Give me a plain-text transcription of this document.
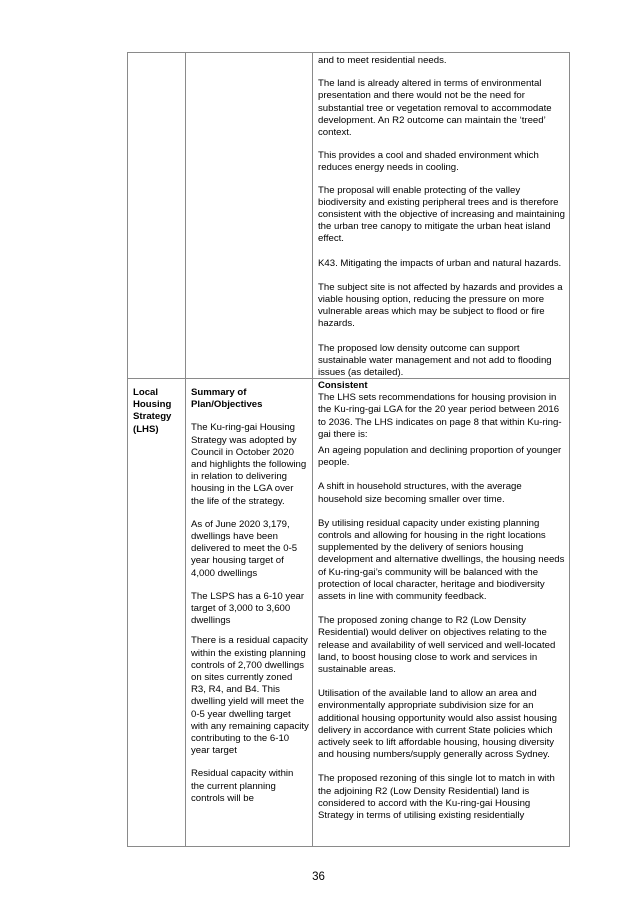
and to meet residential needs.

The land is already altered in terms of environmental presentation and there would not be the need for substantial tree or vegetation removal to accommodate development. An R2 outcome can maintain the ‘treed’ context.

This provides a cool and shaded environment which reduces energy needs in cooling.

The proposal will enable protecting of the valley biodiversity and existing peripheral trees and is therefore consistent with the objective of increasing and maintaining the urban tree canopy to mitigate the urban heat island effect.

K43. Mitigating the impacts of urban and natural hazards.

The subject site is not affected by hazards and provides a viable housing option, reducing the pressure on more vulnerable areas which may be subject to flood or fire hazards.

The proposed low density outcome can support sustainable water management and not add to flooding issues (as detailed).

Local Housing Strategy (LHS)

Summary of Plan/Objectives

The Ku-ring-gai Housing Strategy was adopted by Council in October 2020 and highlights the following in relation to delivering housing in the LGA over the life of the strategy.

As of June 2020 3,179, dwellings have been delivered to meet the 0-5 year housing target of 4,000 dwellings

The LSPS has a 6-10 year target of 3,000 to 3,600 dwellings

There is a residual capacity within the existing planning controls of 2,700 dwellings on sites currently zoned R3, R4, and B4. This dwelling yield will meet the 0-5 year dwelling target with any remaining capacity contributing to the 6-10 year target

Residual capacity within the current planning controls will be

Consistent

The LHS sets recommendations for housing provision in the Ku-ring-gai LGA for the 20 year period between 2016 to 2036. The LHS indicates on page 8 that within Ku-ring-gai there is:

An ageing population and declining proportion of younger people.

A shift in household structures, with the average household size becoming smaller over time.

By utilising residual capacity under existing planning controls and allowing for housing in the right locations supplemented by the delivery of seniors housing development and alternative dwellings, the housing needs of Ku-ring-gai’s community will be balanced with the protection of local character, heritage and biodiversity assets in line with community feedback.

The proposed zoning change to R2 (Low Density Residential) would deliver on objectives relating to the release and availability of well serviced and well-located land, to boost housing close to work and services in sustainable areas.

Utilisation of the available land to allow an area and environmentally appropriate subdivision size for an additional housing opportunity would also assist housing delivery in accordance with current State policies which actively seek to lift affordable housing, housing diversity and housing numbers/supply generally across Sydney.

The proposed rezoning of this single lot to match in with the adjoining R2 (Low Density Residential) land is considered to accord with the Ku-ring-gai Housing Strategy in terms of utilising existing residentially

36
